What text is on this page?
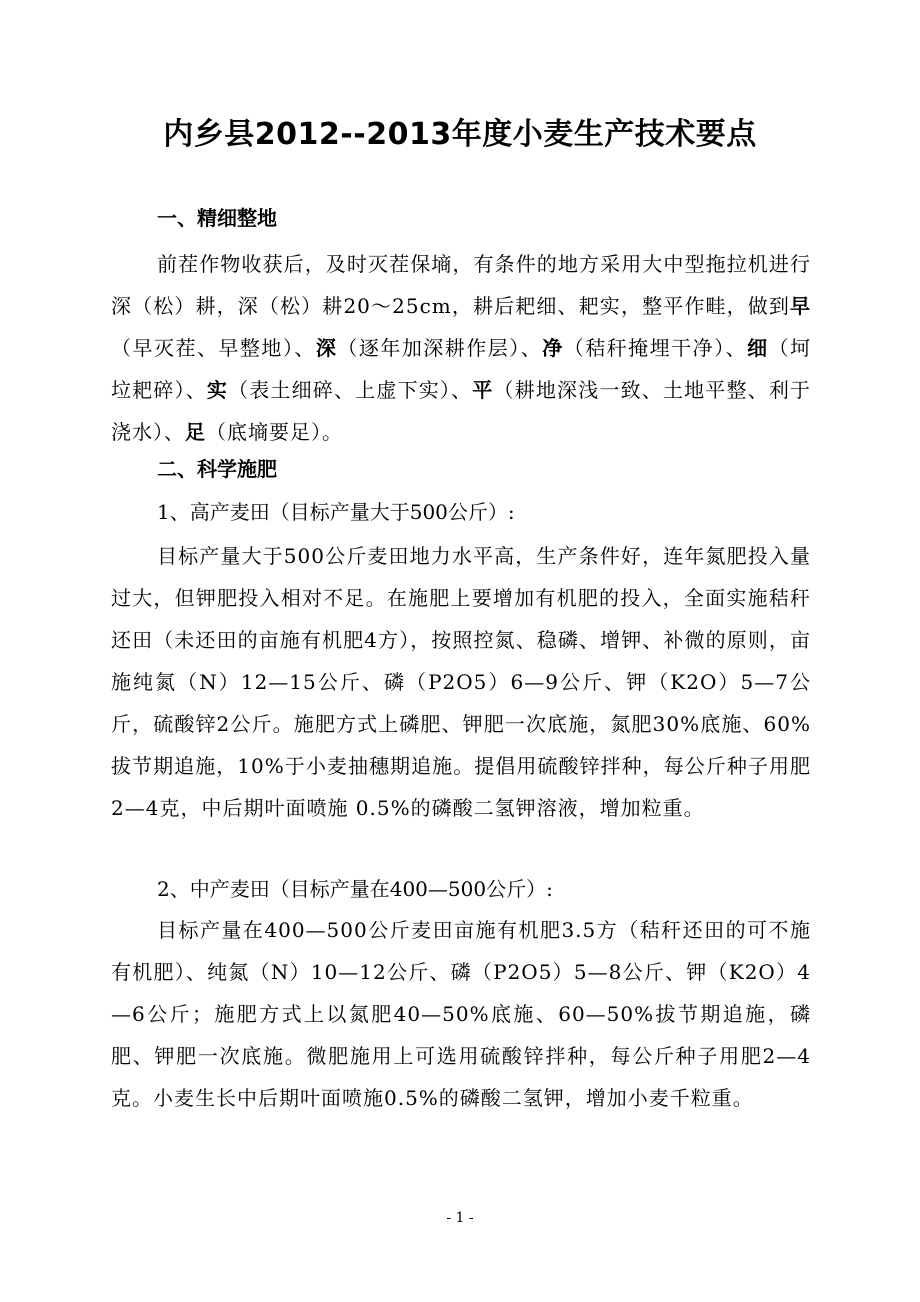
内乡县2012--2013年度小麦生产技术要点
一、精细整地
前茬作物收获后，及时灭茬保墒，有条件的地方采用大中型拖拉机进行深（松）耕，深（松）耕20～25cm，耕后耙细、耙实，整平作畦，做到早（早灭茬、早整地）、深（逐年加深耕作层）、净（秸秆掩埋干净）、细（坷垃耙碎）、实（表土细碎、上虚下实）、平（耕地深浅一致、土地平整、利于浇水）、足（底墒要足）。
二、科学施肥
1、高产麦田（目标产量大于500公斤）:
目标产量大于500公斤麦田地力水平高，生产条件好，连年氮肥投入量过大，但钾肥投入相对不足。在施肥上要增加有机肥的投入，全面实施秸秆还田（未还田的亩施有机肥4方），按照控氮、稳磷、增钾、补微的原则，亩施纯氮（N）12—15公斤、磷（P2O5）6—9公斤、钾（K2O）5—7公斤，硫酸锌2公斤。施肥方式上磷肥、钾肥一次底施，氮肥30%底施、60%拔节期追施，10%于小麦抽穗期追施。提倡用硫酸锌拌种，每公斤种子用肥2—4克，中后期叶面喷施 0.5%的磷酸二氢钾溶液，增加粒重。
2、中产麦田（目标产量在400—500公斤）:
目标产量在400—500公斤麦田亩施有机肥3.5方（秸秆还田的可不施有机肥）、纯氮（N）10—12公斤、磷（P2O5）5—8公斤、钾（K2O）4—6公斤；施肥方式上以氮肥40—50%底施、60—50%拔节期追施，磷肥、钾肥一次底施。微肥施用上可选用硫酸锌拌种，每公斤种子用肥2—4克。小麦生长中后期叶面喷施0.5%的磷酸二氢钾，增加小麦千粒重。
- 1 -
